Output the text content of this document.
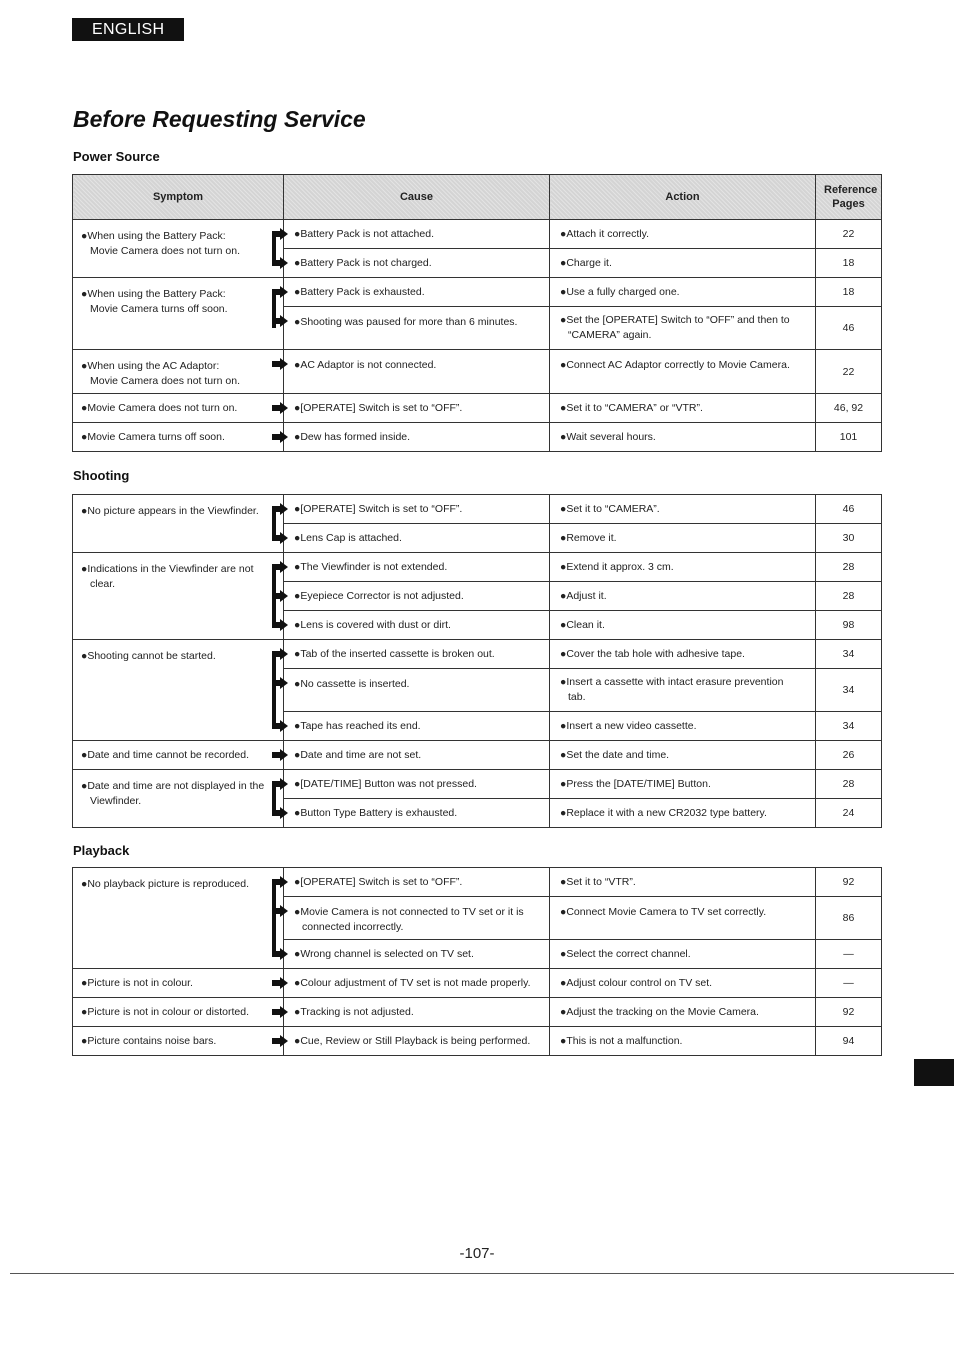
ENGLISH
Before Requesting Service
Power Source
Symptom	Cause	Action	Reference
Pages

●When using the Battery Pack:
Movie Camera does not turn on.	●Battery Pack is not attached.	●Attach it correctly.	22

●Battery Pack is not charged.	●Charge it.	18

●When using the Battery Pack:
Movie Camera turns off soon.	●Battery Pack is exhausted.	●Use a fully charged one.	18

●Shooting was paused for more than 6 minutes.	●Set the [OPERATE] Switch to “OFF” and then to
“CAMERA” again.	46

●When using the AC Adaptor:
Movie Camera does not turn on.	●AC Adaptor is not connected.	●Connect AC Adaptor correctly to Movie Camera.	22
●Movie Camera does not turn on.	●[OPERATE] Switch is set to “OFF”.	●Set it to “CAMERA” or “VTR”.	46, 92
●Movie Camera turns off soon.	●Dew has formed inside.	●Wait several hours.	101
Shooting
●No picture appears in the Viewfinder.	●[OPERATE] Switch is set to “OFF”.	●Set it to “CAMERA”.	46

●Lens Cap is attached.	●Remove it.	30

●Indications in the Viewfinder are not
clear.	●The Viewfinder is not extended.	●Extend it approx. 3 cm.	28

●Eyepiece Corrector is not adjusted.	●Adjust it.	28

●Lens is covered with dust or dirt.	●Clean it.	98

●Shooting cannot be started.	●Tab of the inserted cassette is broken out.	●Cover the tab hole with adhesive tape.	34

●No cassette is inserted.	●Insert a cassette with intact erasure prevention
tab.	34

●Tape has reached its end.	●Insert a new video cassette.	34
●Date and time cannot be recorded.	●Date and time are not set.	●Set the date and time.	26

●Date and time are not displayed in the
Viewfinder.	●[DATE/TIME] Button was not pressed.	●Press the [DATE/TIME] Button.	28

●Button Type Battery is exhausted.	●Replace it with a new CR2032 type battery.	24
Playback
●No playback picture is reproduced.	●[OPERATE] Switch is set to “OFF”.	●Set it to “VTR”.	92

	●Movie Camera is not connected to TV set or it is
connected incorrectly.	●Connect Movie Camera to TV set correctly.	86

●Wrong channel is selected on TV set.	●Select the correct channel.	—
●Picture is not in colour.	●Colour adjustment of TV set is not made properly.	●Adjust colour control on TV set.	—
●Picture is not in colour or distorted.	●Tracking is not adjusted.	●Adjust the tracking on the Movie Camera.	92
●Picture contains noise bars.	●Cue, Review or Still Playback is being performed.	●This is not a malfunction.	94
-107-
